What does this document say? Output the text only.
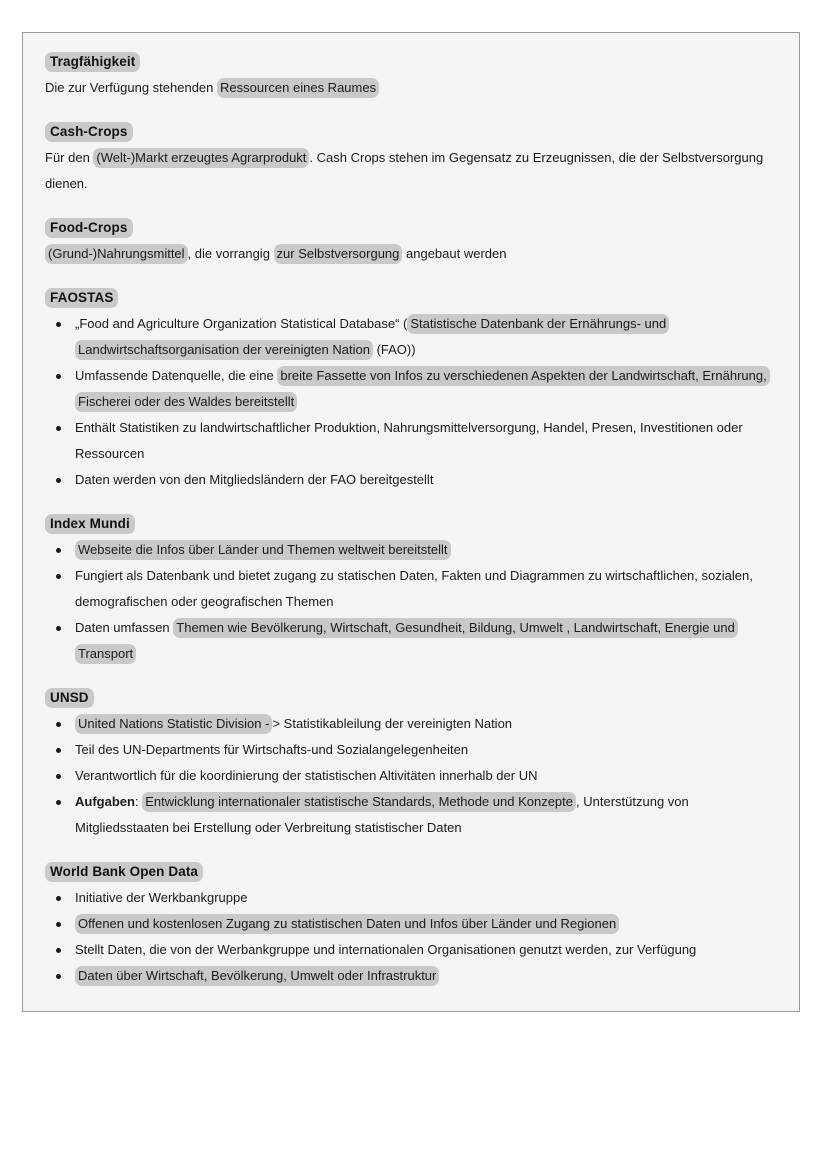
Tragfähigkeit

Die zur Verfügung stehenden Ressourcen eines Raumes

Cash-Crops

Für den (Welt-)Markt erzeugtes Agrarprodukt . Cash Crops stehen im Gegensatz zu Erzeugnissen, die der Selbstversorgung dienen.

Food-Crops

(Grund-)Nahrungsmittel , die vorrangig zur Selbstversorgung angebaut werden

FAOSTAS
„Food and Agriculture Organization Statistical Database“ ( Statistische Datenbank der Ernährungs- und Landwirtschaftsorganisation der vereinigten Nation (FAO))
Umfassende Datenquelle, die eine breite Fassette von Infos zu verschiedenen Aspekten der Landwirtschaft, Ernährung, Fischerei oder des Waldes bereitstellt
Enthält Statistiken zu landwirtschaftlicher Produktion, Nahrungsmittelversorgung, Handel, Presen, Investitionen oder Ressourcen
Daten werden von den Mitgliedsländern der FAO bereitgestellt
Index Mundi
Webseite die Infos über Länder und Themen weltweit bereitstellt
Fungiert als Datenbank und bietet zugang zu statischen Daten, Fakten und Diagrammen zu wirtschaftlichen, sozialen, demografischen oder geografischen Themen
Daten umfassen Themen wie Bevölkerung, Wirtschaft, Gesundheit, Bildung, Umwelt , Landwirtschaft, Energie und Transport
UNSD
United Nations Statistic Division - > Statistikableilung der vereinigten Nation
Teil des UN-Departments für Wirtschafts-und Sozialangelegenheiten
Verantwortlich für die koordinierung der statistischen Altivitäten innerhalb der UN
Aufgaben: Entwicklung internationaler statistische Standards, Methode und Konzepte , Unterstützung von Mitgliedsstaaten bei Erstellung oder Verbreitung statistischer Daten
World Bank Open Data
Initiative der Werkbankgruppe
Offenen und kostenlosen Zugang zu statistischen Daten und Infos über Länder und Regionen
Stellt Daten, die von der Werbankgruppe und internationalen Organisationen genutzt werden, zur Verfügung
Daten über Wirtschaft, Bevölkerung, Umwelt oder Infrastruktur
